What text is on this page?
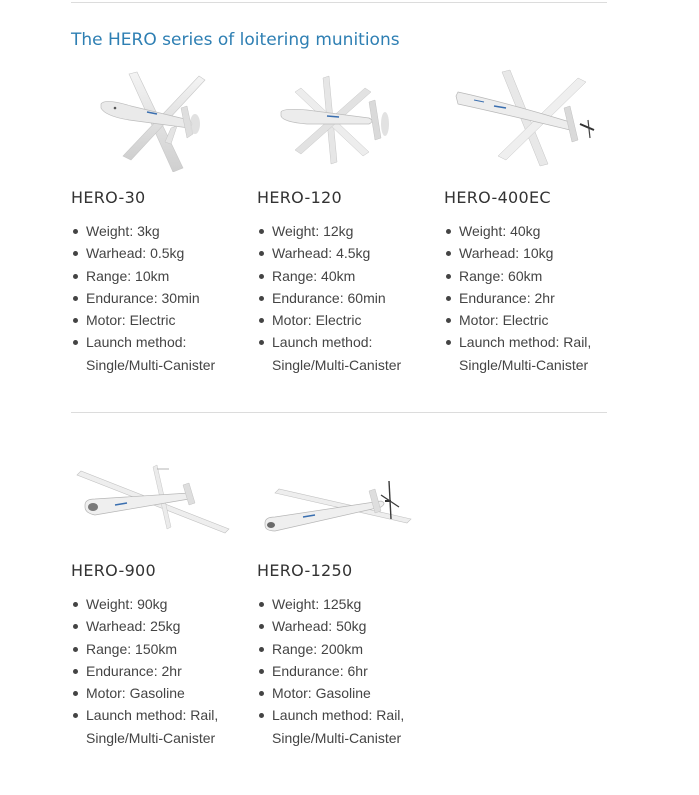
The HERO series of loitering munitions
HERO-30
Weight: 3kg
Warhead: 0.5kg
Range: 10km
Endurance: 30min
Motor: Electric
Launch method:
Single/Multi-Canister
HERO-120
Weight: 12kg
Warhead: 4.5kg
Range: 40km
Endurance: 60min
Motor: Electric
Launch method:
Single/Multi-Canister
HERO-400EC
Weight: 40kg
Warhead: 10kg
Range: 60km
Endurance: 2hr
Motor: Electric
Launch method: Rail,
Single/Multi-Canister
HERO-900
Weight: 90kg
Warhead: 25kg
Range: 150km
Endurance: 2hr
Motor: Gasoline
Launch method: Rail,
Single/Multi-Canister
HERO-1250
Weight: 125kg
Warhead: 50kg
Range: 200km
Endurance: 6hr
Motor: Gasoline
Launch method: Rail,
Single/Multi-Canister
